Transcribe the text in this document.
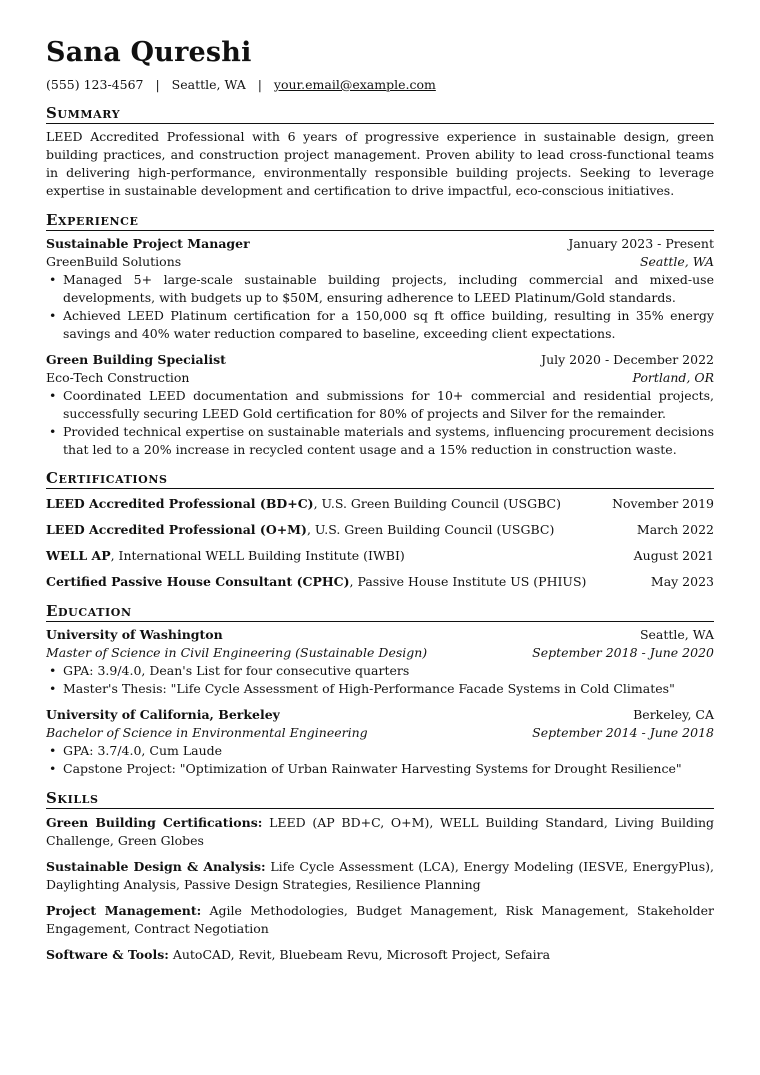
Sana Qureshi
(555) 123-4567 | Seattle, WA | your.email@example.com
Summary

LEED Accredited Professional with 6 years of progressive experience in sustainable design, green building practices, and construction project management. Proven ability to lead cross-functional teams in delivering high-performance, environmentally responsible building projects. Seeking to leverage expertise in sustainable development and certification to drive impactful, eco-conscious initiatives.

Experience
Sustainable Project Manager	January 2023 - Present
GreenBuild Solutions	Seattle, WA
• Managed 5+ large-scale sustainable building projects, including commercial and mixed-use developments, with budgets up to $50M, ensuring adherence to LEED Platinum/Gold standards.
• Achieved LEED Platinum certification for a 150,000 sq ft office building, resulting in 35% energy savings and 40% water reduction compared to baseline, exceeding client expectations.
Green Building Specialist	July 2020 - December 2022
Eco-Tech Construction	Portland, OR
• Coordinated LEED documentation and submissions for 10+ commercial and residential projects, successfully securing LEED Gold certification for 80% of projects and Silver for the remainder.
• Provided technical expertise on sustainable materials and systems, influencing procurement decisions that led to a 20% increase in recycled content usage and a 15% reduction in construction waste.
Certifications
LEED Accredited Professional (BD+C), U.S. Green Building Council (USGBC)	November 2019
LEED Accredited Professional (O+M), U.S. Green Building Council (USGBC)	March 2022
WELL AP, International WELL Building Institute (IWBI)	August 2021
Certified Passive House Consultant (CPHC), Passive House Institute US (PHIUS)	May 2023
Education
University of Washington	Seattle, WA
Master of Science in Civil Engineering (Sustainable Design)	September 2018 - June 2020
• GPA: 3.9/4.0, Dean's List for four consecutive quarters
• Master's Thesis: "Life Cycle Assessment of High-Performance Facade Systems in Cold Climates"
University of California, Berkeley	Berkeley, CA
Bachelor of Science in Environmental Engineering	September 2014 - June 2018
• GPA: 3.7/4.0, Cum Laude
• Capstone Project: "Optimization of Urban Rainwater Harvesting Systems for Drought Resilience"
Skills
Green Building Certifications: LEED (AP BD+C, O+M), WELL Building Standard, Living Building Challenge, Green Globes
Sustainable Design & Analysis: Life Cycle Assessment (LCA), Energy Modeling (IESVE, EnergyPlus), Daylighting Analysis, Passive Design Strategies, Resilience Planning
Project Management: Agile Methodologies, Budget Management, Risk Management, Stakeholder Engagement, Contract Negotiation
Software & Tools: AutoCAD, Revit, Bluebeam Revu, Microsoft Project, Sefaira
